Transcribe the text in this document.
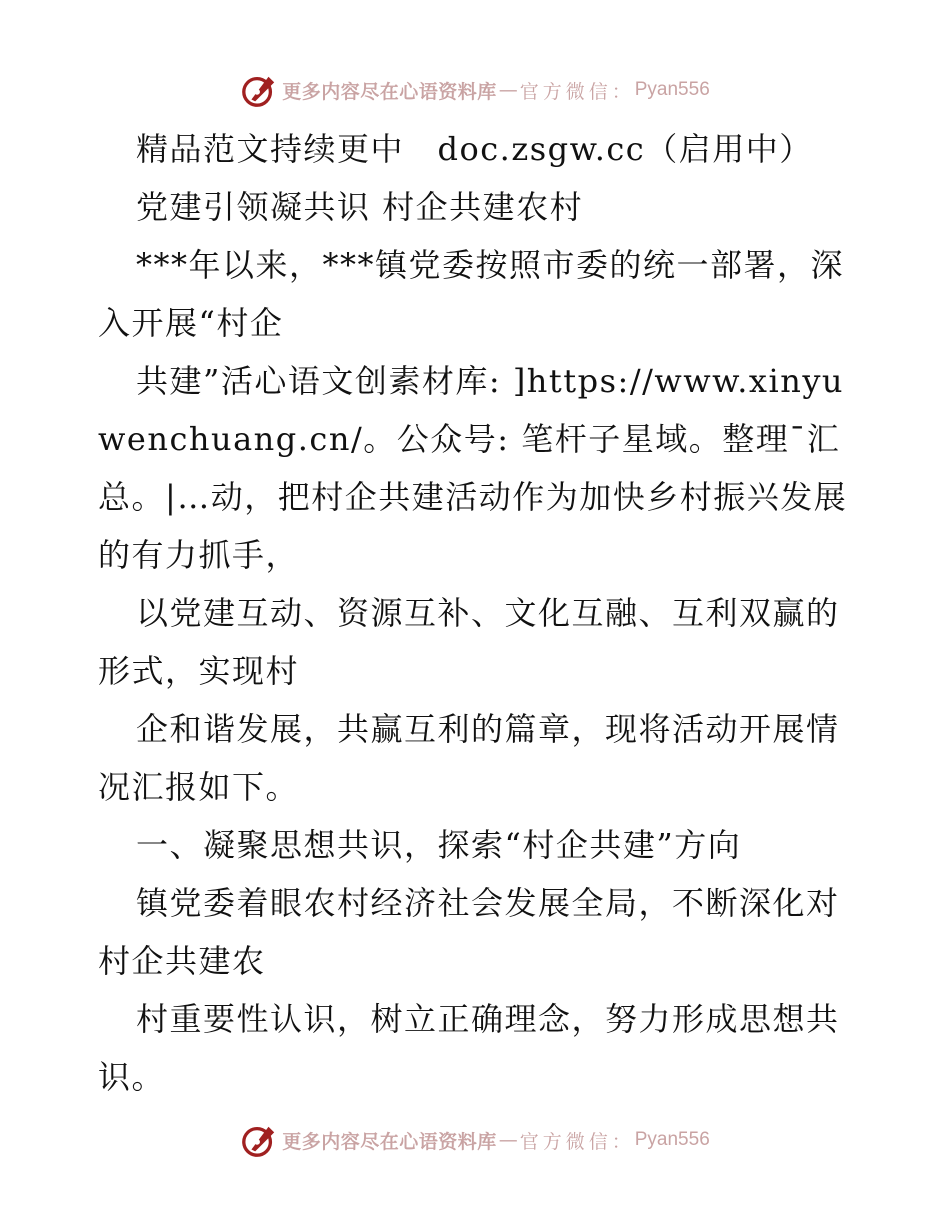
更多内容尽在心语资料库 — 官方微信： Pyan556

精品范文持续更中　doc.zsgw.cc（启用中）

党建引领凝共识 村企共建农村

***年以来，***镇党委按照市委的统一部署，深入开展“村企

共建”活心语文创素材库: ]https://www.xinyuwenchuang.cn/。公众号: 笔杆子星域。整理¯汇总。|…动，把村企共建活动作为加快乡村振兴发展的有力抓手，

以党建互动、资源互补、文化互融、互利双赢的形式，实现村

企和谐发展，共赢互利的篇章，现将活动开展情况汇报如下。

一、凝聚思想共识，探索“村企共建”方向

镇党委着眼农村经济社会发展全局，不断深化对村企共建农

村重要性认识，树立正确理念，努力形成思想共识。

更多内容尽在心语资料库 — 官方微信： Pyan556
